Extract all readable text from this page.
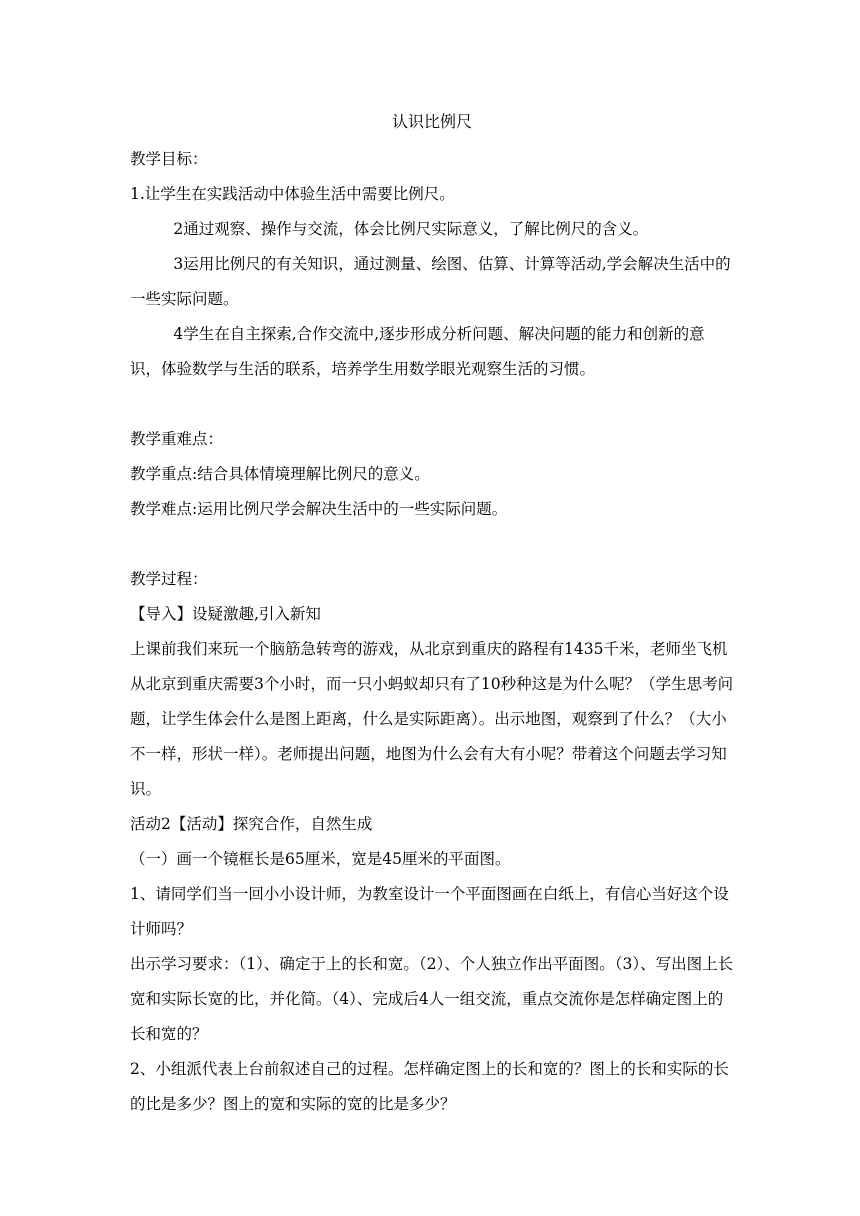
认识比例尺

教学目标：

1.让学生在实践活动中体验生活中需要比例尺。

2通过观察、操作与交流，体会比例尺实际意义，了解比例尺的含义。

3运用比例尺的有关知识，通过测量、绘图、估算、计算等活动,学会解决生活中的一些实际问题。

4学生在自主探索,合作交流中,逐步形成分析问题、解决问题的能力和创新的意识，体验数学与生活的联系，培养学生用数学眼光观察生活的习惯。

教学重难点：

教学重点:结合具体情境理解比例尺的意义。

教学难点:运用比例尺学会解决生活中的一些实际问题。

教学过程：

【导入】设疑激趣,引入新知

上课前我们来玩一个脑筋急转弯的游戏，从北京到重庆的路程有1435千米，老师坐飞机从北京到重庆需要3个小时，而一只小蚂蚁却只有了10秒种这是为什么呢？（学生思考问题，让学生体会什么是图上距离，什么是实际距离）。出示地图，观察到了什么？（大小不一样，形状一样）。老师提出问题，地图为什么会有大有小呢？带着这个问题去学习知识。

活动2【活动】探究合作，自然生成

（一）画一个镜框长是65厘米，宽是45厘米的平面图。

1、请同学们当一回小小设计师，为教室设计一个平面图画在白纸上，有信心当好这个设计师吗？

出示学习要求：（1）、确定于上的长和宽。（2）、个人独立作出平面图。（3）、写出图上长宽和实际长宽的比，并化简。（4）、完成后4人一组交流，重点交流你是怎样确定图上的长和宽的？

2、小组派代表上台前叙述自己的过程。怎样确定图上的长和宽的？图上的长和实际的长的比是多少？图上的宽和实际的宽的比是多少？
